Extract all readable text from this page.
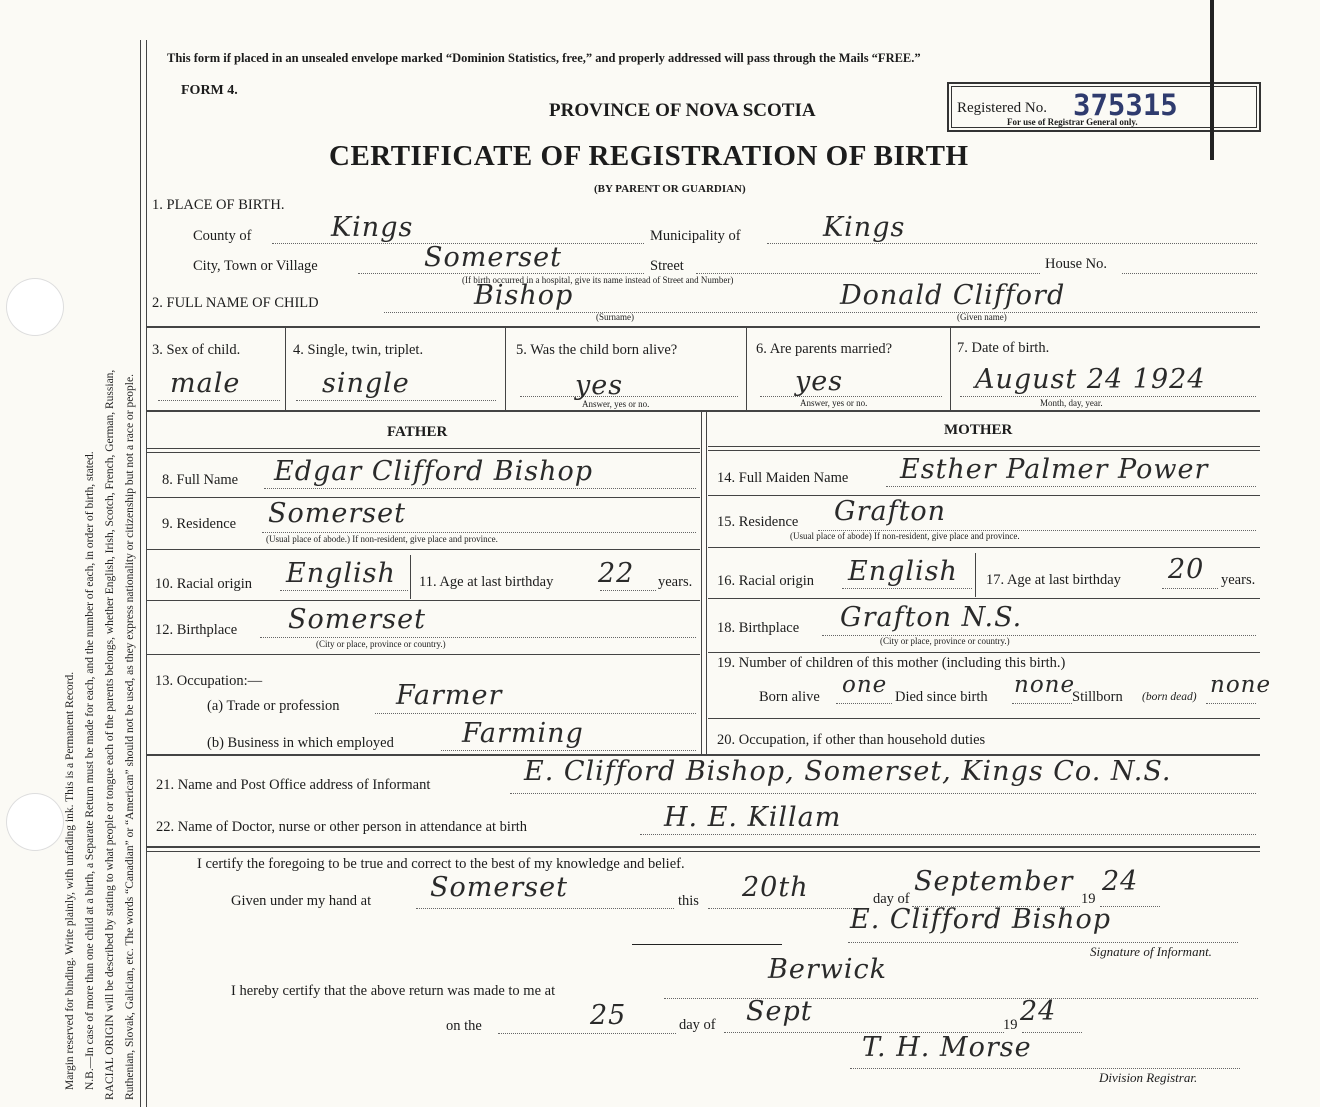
Margin reserved for binding. Write plainly, with unfading ink. This is a Permanent Record. N.B.—In case of more than one child at a birth, a Separate Return must be made for each, and the number of each, in order of birth, stated. RACIAL ORIGIN will be described by stating to what people or tongue each of the parents belongs, whether English, Irish, Scotch, French, German, Russian, Ruthenian, Slovak, Galician, etc. The words “Canadian” or “American” should not be used, as they express nationality or citizenship but not a race or people.
This form if placed in an unsealed envelope marked “Dominion Statistics, free,” and properly addressed will pass through the Mails “FREE.”
FORM 4.
PROVINCE OF NOVA SCOTIA	Registered No. 375315
For use of Registrar General only.
CERTIFICATE OF REGISTRATION OF BIRTH
(BY PARENT OR GUARDIAN)
1. PLACE OF BIRTH.
County of	Kings	Municipality of	Kings
City, Town or Village	Somerset	Street	House No.
(If birth occurred in a hospital, give its name instead of Street and Number)
2. FULL NAME OF CHILD	Bishop
(Surname)
Donald Clifford
(Given name)
3. Sex of child.
male
4. Single, twin, triplet.
single
5. Was the child born alive?
yes
Answer, yes or no.
6. Are parents married?
yes
Answer, yes or no.
7. Date of birth.
August 24 1924
Month, day, year.
FATHER	MOTHER
8. Full Name Edgar Clifford Bishop
9. Residence Somerset
(Usual place of abode.) If non-resident, give place and province.
10. Racial origin English 11. Age at last birthday 22 years.
12. Birthplace Somerset
(City or place, province or country.)
13. Occupation:—
(a) Trade or profession Farmer
(b) Business in which employed	Farming
14. Full Maiden Name Esther Palmer Power
15. Residence Grafton
(Usual place of abode) If non-resident, give place and province.
16. Racial origin English 17. Age at last birthday 20 years.
18. Birthplace Grafton N.S.
(City or place, province or country.)
19. Number of children of this mother (including this birth.)
Born alive one Died since birth none
Stillborn (born dead) none
20. Occupation, if other than household duties
21. Name and Post Office address of Informant	E. Clifford Bishop, Somerset, Kings Co. N.S.
22. Name of Doctor, nurse or other person in attendance at birth	H. E. Killam
I certify the foregoing to be true and correct to the best of my knowledge and belief.
Given under my hand at Somerset	this 20th	day of
September
19
24
E. Clifford Bishop
Signature of Informant.
Berwick
I hereby certify that the above return was made to me at
on the	25	day of Sept	19 24
T. H. Morse
Division Registrar.
